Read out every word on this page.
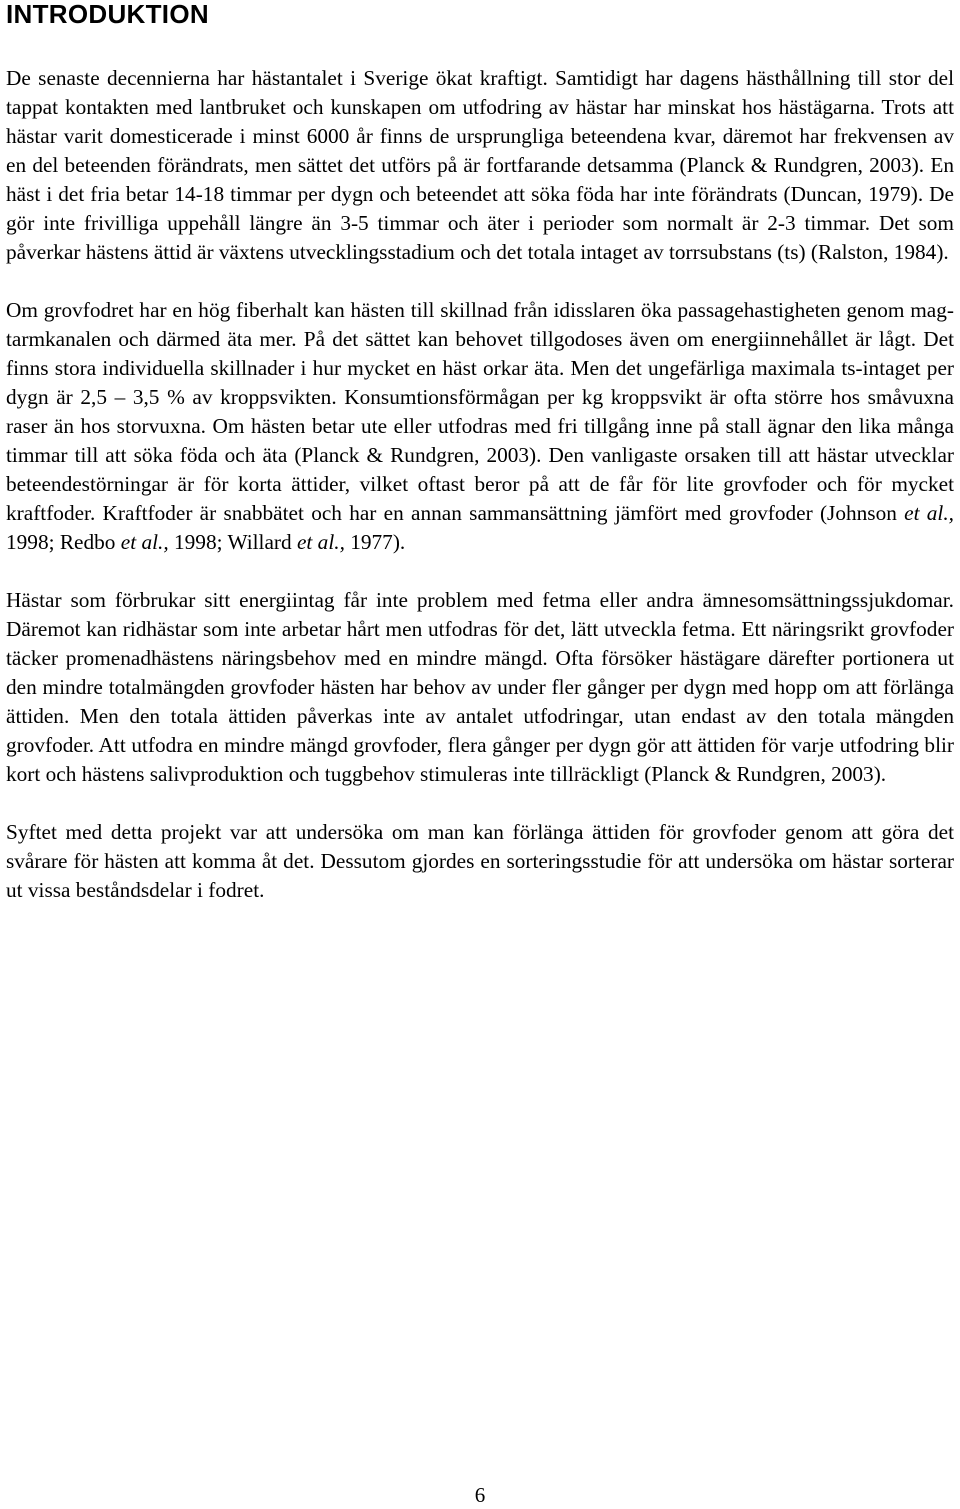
INTRODUKTION

De senaste decennierna har hästantalet i Sverige ökat kraftigt. Samtidigt har dagens hästhållning till stor del tappat kontakten med lantbruket och kunskapen om utfodring av hästar har minskat hos hästägarna. Trots att hästar varit domesticerade i minst 6000 år finns de ursprungliga beteendena kvar, däremot har frekvensen av en del beteenden förändrats, men sättet det utförs på är fortfarande detsamma (Planck & Rundgren, 2003). En häst i det fria betar 14-18 timmar per dygn och beteendet att söka föda har inte förändrats (Duncan, 1979). De gör inte frivilliga uppehåll längre än 3-5 timmar och äter i perioder som normalt är 2-3 timmar. Det som påverkar hästens ättid är växtens utvecklingsstadium och det totala intaget av torrsubstans (ts) (Ralston, 1984).

Om grovfodret har en hög fiberhalt kan hästen till skillnad från idisslaren öka passagehastigheten genom mag-tarmkanalen och därmed äta mer. På det sättet kan behovet tillgodoses även om energiinnehållet är lågt. Det finns stora individuella skillnader i hur mycket en häst orkar äta. Men det ungefärliga maximala ts-intaget per dygn är 2,5 – 3,5 % av kroppsvikten. Konsumtionsförmågan per kg kroppsvikt är ofta större hos småvuxna raser än hos storvuxna. Om hästen betar ute eller utfodras med fri tillgång inne på stall ägnar den lika många timmar till att söka föda och äta (Planck & Rundgren, 2003). Den vanligaste orsaken till att hästar utvecklar beteendestörningar är för korta ättider, vilket oftast beror på att de får för lite grovfoder och för mycket kraftfoder. Kraftfoder är snabbätet och har en annan sammansättning jämfört med grovfoder (Johnson et al., 1998; Redbo et al., 1998; Willard et al., 1977).

Hästar som förbrukar sitt energiintag får inte problem med fetma eller andra ämnesomsättningssjukdomar. Däremot kan ridhästar som inte arbetar hårt men utfodras för det, lätt utveckla fetma. Ett näringsrikt grovfoder täcker promenadhästens näringsbehov med en mindre mängd. Ofta försöker hästägare därefter portionera ut den mindre totalmängden grovfoder hästen har behov av under fler gånger per dygn med hopp om att förlänga ättiden. Men den totala ättiden påverkas inte av antalet utfodringar, utan endast av den totala mängden grovfoder. Att utfodra en mindre mängd grovfoder, flera gånger per dygn gör att ättiden för varje utfodring blir kort och hästens salivproduktion och tuggbehov stimuleras inte tillräckligt (Planck & Rundgren, 2003).

Syftet med detta projekt var att undersöka om man kan förlänga ättiden för grovfoder genom att göra det svårare för hästen att komma åt det. Dessutom gjordes en sorteringsstudie för att undersöka om hästar sorterar ut vissa beståndsdelar i fodret.

6
